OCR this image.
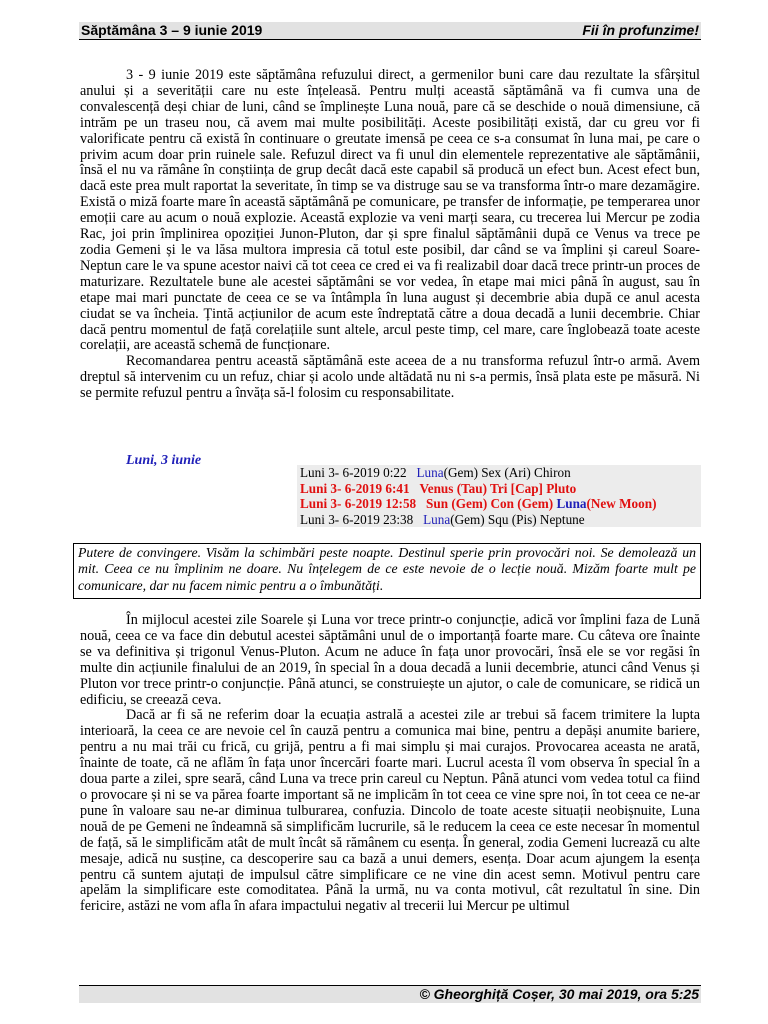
Săptămâna 3 – 9 iunie 2019	Fii în profunzime!

3 - 9 iunie 2019 este săptămâna refuzului direct, a germenilor buni care dau rezultate la sfârșitul anului și a severității care nu este înțeleasă. Pentru mulți această săptămână va fi cumva una de convalescență deși chiar de luni, când se împlinește Luna nouă, pare că se deschide o nouă dimensiune, că intrăm pe un traseu nou, că avem mai multe posibilități. Aceste posibilități există, dar cu greu vor fi valorificate pentru că există în continuare o greutate imensă pe ceea ce s-a consumat în luna mai, pe care o privim acum doar prin ruinele sale. Refuzul direct va fi unul din elementele reprezentative ale săptămânii, însă el nu va rămâne în conștiința de grup decât dacă este capabil să producă un efect bun. Acest efect bun, dacă este prea mult raportat la severitate, în timp se va distruge sau se va transforma într-o mare dezamăgire. Există o miză foarte mare în această săptămână pe comunicare, pe transfer de informație, pe temperarea unor emoții care au acum o nouă explozie. Această explozie va veni marți seara, cu trecerea lui Mercur pe zodia Rac, joi prin împlinirea opoziției Junon-Pluton, dar și spre finalul săptămânii după ce Venus va trece pe zodia Gemeni și le va lăsa multora impresia că totul este posibil, dar când se va împlini și careul Soare-Neptun care le va spune acestor naivi că tot ceea ce cred ei va fi realizabil doar dacă trece printr-un proces de maturizare. Rezultatele bune ale acestei săptămâni se vor vedea, în etape mai mici până în august, sau în etape mai mari punctate de ceea ce se va întâmpla în luna august și decembrie abia după ce anul acesta ciudat se va încheia. Țintă acțiunilor de acum este îndreptată către a doua decadă a lunii decembrie. Chiar dacă pentru momentul de față corelațiile sunt altele, arcul peste timp, cel mare, care înglobează toate aceste corelații, are această schemă de funcționare.

Recomandarea pentru această săptămână este aceea de a nu transforma refuzul într-o armă. Avem dreptul să intervenim cu un refuz, chiar și acolo unde altădată nu ni s-a permis, însă plata este pe măsură. Ni se permite refuzul pentru a învăța să-l folosim cu responsabilitate.

Luni, 3 iunie
Luni 3- 6-2019 0:22 Luna(Gem) Sex (Ari) Chiron
Luni 3- 6-2019 6:41 Venus (Tau) Tri [Cap] Pluto
Luni 3- 6-2019 12:58 Sun (Gem) Con (Gem) Luna(New Moon)
Luni 3- 6-2019 23:38 Luna(Gem) Squ (Pis) Neptune
Putere de convingere. Visăm la schimbări peste noapte. Destinul sperie prin provocări noi. Se demolează un mit. Ceea ce nu împlinim ne doare. Nu înțelegem de ce este nevoie de o lecție nouă. Mizăm foarte mult pe comunicare, dar nu facem nimic pentru a o îmbunătăți.

În mijlocul acestei zile Soarele și Luna vor trece printr-o conjuncție, adică vor împlini faza de Lună nouă, ceea ce va face din debutul acestei săptămâni unul de o importanță foarte mare. Cu câteva ore înainte se va definitiva și trigonul Venus-Pluton. Acum ne aduce în fața unor provocări, însă ele se vor regăsi în multe din acțiunile finalului de an 2019, în special în a doua decadă a lunii decembrie, atunci când Venus și Pluton vor trece printr-o conjuncție. Până atunci, se construiește un ajutor, o cale de comunicare, se ridică un edificiu, se creează ceva.

Dacă ar fi să ne referim doar la ecuația astrală a acestei zile ar trebui să facem trimitere la lupta interioară, la ceea ce are nevoie cel în cauză pentru a comunica mai bine, pentru a depăși anumite bariere, pentru a nu mai trăi cu frică, cu grijă, pentru a fi mai simplu și mai curajos. Provocarea aceasta ne arată, înainte de toate, că ne aflăm în fața unor încercări foarte mari. Lucrul acesta îl vom observa în special în a doua parte a zilei, spre seară, când Luna va trece prin careul cu Neptun. Până atunci vom vedea totul ca fiind o provocare și ni se va părea foarte important să ne implicăm în tot ceea ce vine spre noi, în tot ceea ce ne-ar pune în valoare sau ne-ar diminua tulburarea, confuzia. Dincolo de toate aceste situații neobișnuite, Luna nouă de pe Gemeni ne îndeamnă să simplificăm lucrurile, să le reducem la ceea ce este necesar în momentul de față, să le simplificăm atât de mult încât să rămânem cu esența. În general, zodia Gemeni lucrează cu alte mesaje, adică nu susține, ca descoperire sau ca bază a unui demers, esența. Doar acum ajungem la esența pentru că suntem ajutați de impulsul către simplificare ce ne vine din acest semn. Motivul pentru care apelăm la simplificare este comoditatea. Până la urmă, nu va conta motivul, cât rezultatul în sine. Din fericire, astăzi ne vom afla în afara impactului negativ al trecerii lui Mercur pe ultimul

© Gheorghiță Coșer, 30 mai 2019, ora 5:25
